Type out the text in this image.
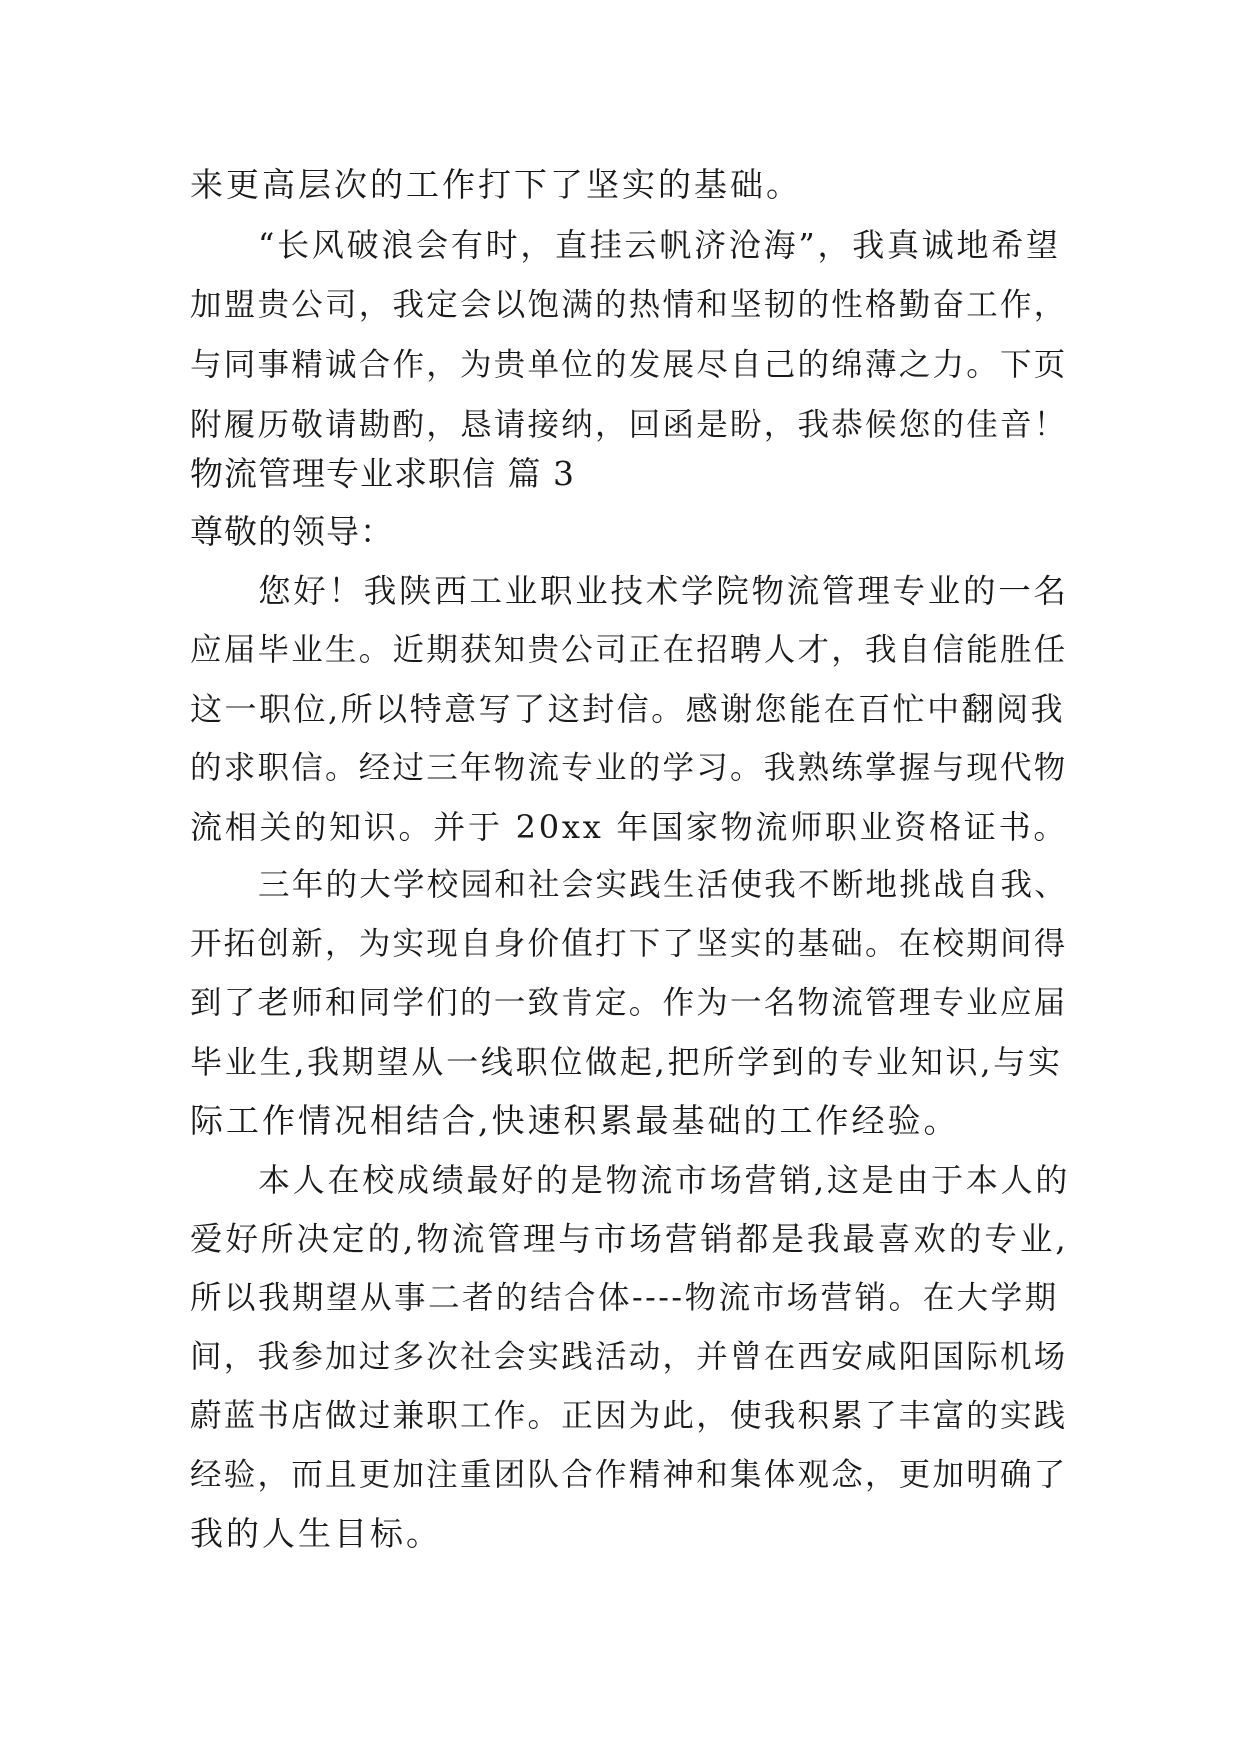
来更高层次的工作打下了坚实的基础。
“长风破浪会有时，直挂云帆济沧海”，我真诚地希望
加盟贵公司，我定会以饱满的热情和坚韧的性格勤奋工作，
与同事精诚合作，为贵单位的发展尽自己的绵薄之力。下页
附履历敬请勘酌，恳请接纳，回函是盼，我恭候您的佳音！
物流管理专业求职信 篇 3
尊敬的领导：
您好！我陕西工业职业技术学院物流管理专业的一名
应届毕业生。近期获知贵公司正在招聘人才，我自信能胜任
这一职位,所以特意写了这封信。感谢您能在百忙中翻阅我
的求职信。经过三年物流专业的学习。我熟练掌握与现代物
流相关的知识。并于 20xx 年国家物流师职业资格证书。
三年的大学校园和社会实践生活使我不断地挑战自我、
开拓创新，为实现自身价值打下了坚实的基础。在校期间得
到了老师和同学们的一致肯定。作为一名物流管理专业应届
毕业生,我期望从一线职位做起,把所学到的专业知识,与实
际工作情况相结合,快速积累最基础的工作经验。
本人在校成绩最好的是物流市场营销,这是由于本人的
爱好所决定的,物流管理与市场营销都是我最喜欢的专业,
所以我期望从事二者的结合体----物流市场营销。在大学期
间，我参加过多次社会实践活动，并曾在西安咸阳国际机场
蔚蓝书店做过兼职工作。正因为此，使我积累了丰富的实践
经验，而且更加注重团队合作精神和集体观念，更加明确了
我的人生目标。
